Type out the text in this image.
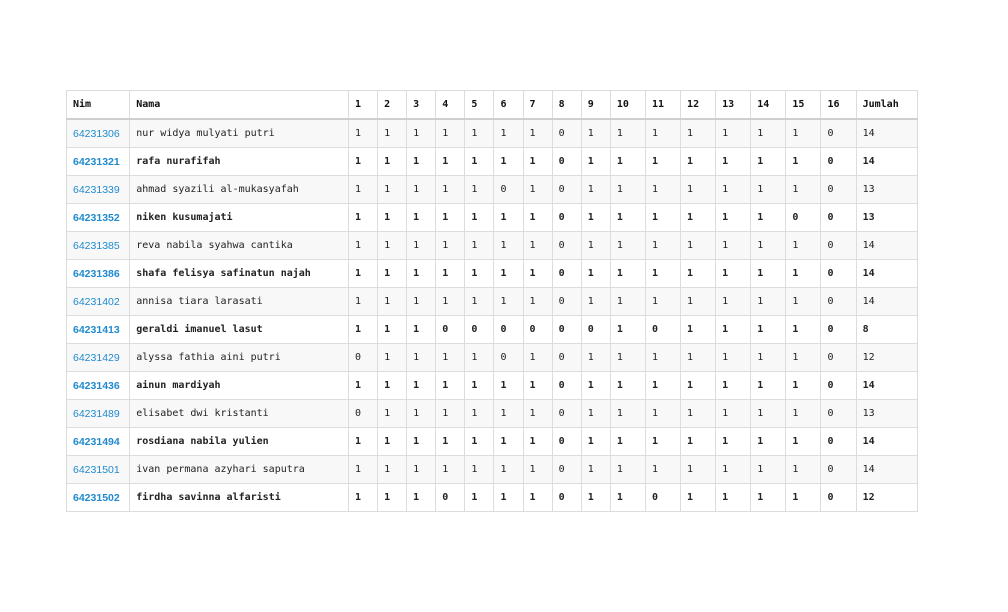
Nim	Nama	1	2	3	4	5	6	7	8	9	10	11	12	13	14	15	16	Jumlah
64231306	nur widya mulyati putri	1	1	1	1	1	1	1	0	1	1	1	1	1	1	1	0	14
64231321	rafa nurafifah	1	1	1	1	1	1	1	0	1	1	1	1	1	1	1	0	14
64231339	ahmad syazili al-mukasyafah	1	1	1	1	1	0	1	0	1	1	1	1	1	1	1	0	13
64231352	niken kusumajati	1	1	1	1	1	1	1	0	1	1	1	1	1	1	0	0	13
64231385	reva nabila syahwa cantika	1	1	1	1	1	1	1	0	1	1	1	1	1	1	1	0	14
64231386	shafa felisya safinatun najah	1	1	1	1	1	1	1	0	1	1	1	1	1	1	1	0	14
64231402	annisa tiara larasati	1	1	1	1	1	1	1	0	1	1	1	1	1	1	1	0	14
64231413	geraldi imanuel lasut	1	1	1	0	0	0	0	0	0	1	0	1	1	1	1	0	8
64231429	alyssa fathia aini putri	0	1	1	1	1	0	1	0	1	1	1	1	1	1	1	0	12
64231436	ainun mardiyah	1	1	1	1	1	1	1	0	1	1	1	1	1	1	1	0	14
64231489	elisabet dwi kristanti	0	1	1	1	1	1	1	0	1	1	1	1	1	1	1	0	13
64231494	rosdiana nabila yulien	1	1	1	1	1	1	1	0	1	1	1	1	1	1	1	0	14
64231501	ivan permana azyhari saputra	1	1	1	1	1	1	1	0	1	1	1	1	1	1	1	0	14
64231502	firdha savinna alfaristi	1	1	1	0	1	1	1	0	1	1	0	1	1	1	1	0	12
